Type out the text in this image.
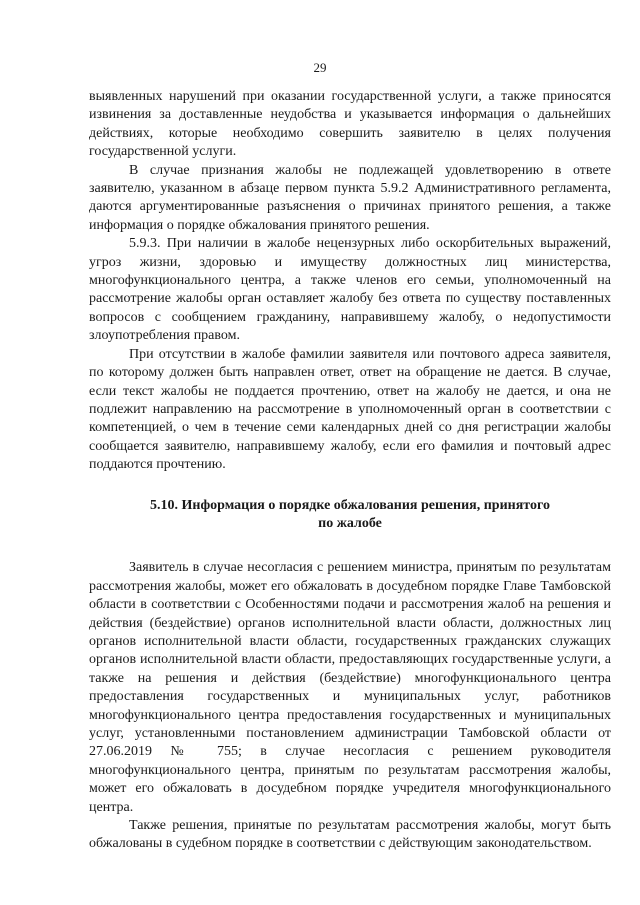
29

выявленных нарушений при оказании государственной услуги, а также приносятся извинения за доставленные неудобства и указывается информация о дальнейших действиях, которые необходимо совершить заявителю в целях получения государственной услуги.

В случае признания жалобы не подлежащей удовлетворению в ответе заявителю, указанном в абзаце первом пункта 5.9.2 Административного регламента, даются аргументированные разъяснения о причинах принятого решения, а также информация о порядке обжалования принятого решения.

5.9.3. При наличии в жалобе нецензурных либо оскорбительных выражений, угроз жизни, здоровью и имуществу должностных лиц министерства, многофункционального центра, а также членов его семьи, уполномоченный на рассмотрение жалобы орган оставляет жалобу без ответа по существу поставленных вопросов с сообщением гражданину, направившему жалобу, о недопустимости злоупотребления правом.

При отсутствии в жалобе фамилии заявителя или почтового адреса заявителя, по которому должен быть направлен ответ, ответ на обращение не дается. В случае, если текст жалобы не поддается прочтению, ответ на жалобу не дается, и она не подлежит направлению на рассмотрение в уполномоченный орган в соответствии с компетенцией, о чем в течение семи календарных дней со дня регистрации жалобы сообщается заявителю, направившему жалобу, если его фамилия и почтовый адрес поддаются прочтению.

5.10. Информация о порядке обжалования решения, принятого
по жалобе

Заявитель в случае несогласия с решением министра, принятым по результатам рассмотрения жалобы, может его обжаловать в досудебном порядке Главе Тамбовской области в соответствии с Особенностями подачи и рассмотрения жалоб на решения и действия (бездействие) органов исполнительной власти области, должностных лиц органов исполнительной власти области, государственных гражданских служащих органов исполнительной власти области, предоставляющих государственные услуги, а также на решения и действия (бездействие) многофункционального центра предоставления государственных и муниципальных услуг, работников многофункционального центра предоставления государственных и муниципальных услуг, установленными постановлением администрации Тамбовской области от 27.06.2019 № 755; в случае несогласия с решением руководителя многофункционального центра, принятым по результатам рассмотрения жалобы, может его обжаловать в досудебном порядке учредителя многофункционального центра.

Также решения, принятые по результатам рассмотрения жалобы, могут быть обжалованы в судебном порядке в соответствии с действующим законодательством.
